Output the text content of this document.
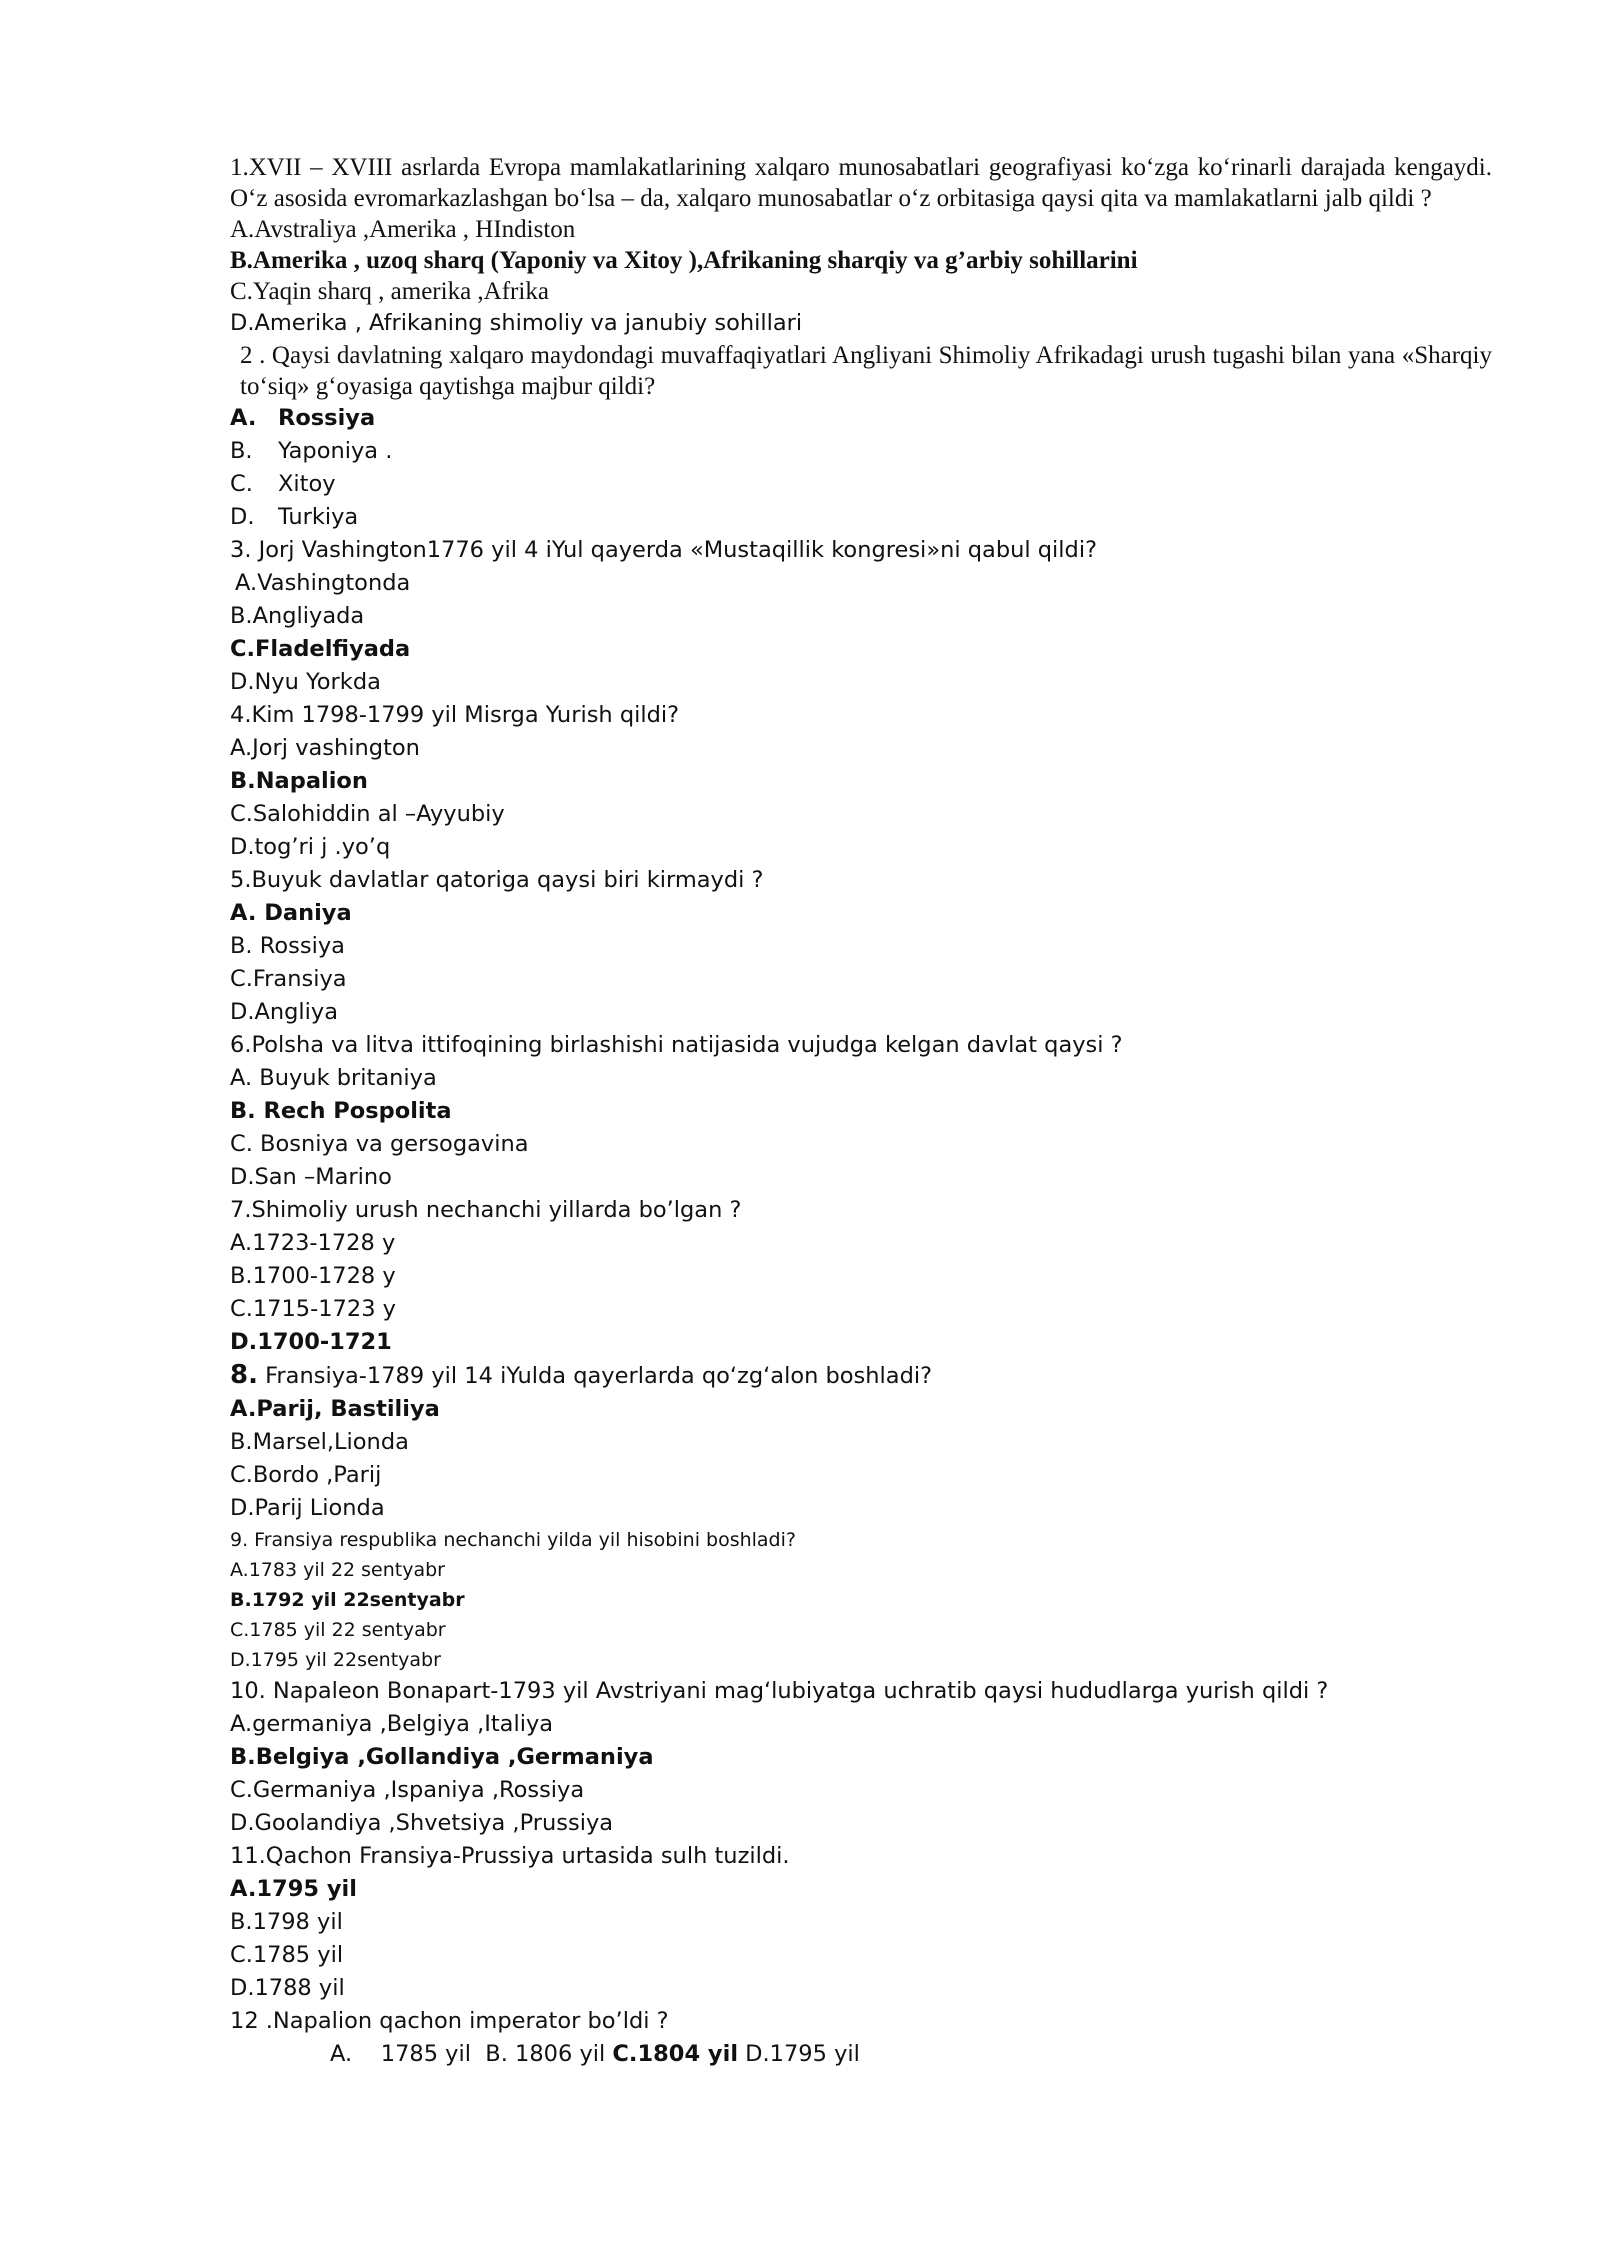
1.XVII – XVIII asrlarda Evropa mamlakatlarining xalqaro munosabatlari geografiyasi ko‘zga ko‘rinarli darajada kengaydi. O‘z asosida evromarkazlashgan bo‘lsa – da, xalqaro munosabatlar o‘z orbitasiga qaysi qita va mamlakatlarni jalb qildi ?
A.Avstraliya ,Amerika , HIndiston
B.Amerika , uzoq sharq (Yaponiy va Xitoy ),Afrikaning sharqiy va g’arbiy sohillarini
C.Yaqin sharq , amerika ,Afrika
D.Amerika , Afrikaning shimoliy va janubiy sohillari
2 . Qaysi davlatning xalqaro maydondagi muvaffaqiyatlari Angliyani Shimoliy Afrikadagi urush tugashi bilan yana «Sharqiy to‘siq» g‘oyasiga qaytishga majbur qildi?
A. Rossiya
B.	Yaponiya .
C.	Xitoy
D.	Turkiya
3. Jorj Vashington1776 yil 4 iYul qayerda «Mustaqillik kongresi»ni qabul qildi?
A.Vashingtonda
B.Angliyada
C.Fladelfiyada
D.Nyu Yorkda
4.Kim 1798-1799 yil Misrga Yurish qildi?
A.Jorj vashington
B.Napalion
C.Salohiddin al –Ayyubiy
D.tog’ri j .yo’q
5.Buyuk davlatlar qatoriga qaysi biri kirmaydi ?
A. Daniya
B. Rossiya
C.Fransiya
D.Angliya
6.Polsha va litva ittifoqining birlashishi natijasida vujudga kelgan davlat qaysi ?
A. Buyuk britaniya
B. Rech Pospolita
C. Bosniya va gersogavina
D.San –Marino
7.Shimoliy urush nechanchi yillarda bo’lgan ?
A.1723-1728 y
B.1700-1728 y
C.1715-1723 y
D.1700-1721
8. Fransiya-1789 yil 14 iYulda qayerlarda qo‘zg‘alon boshladi?
A.Parij, Bastiliya
B.Marsel,Lionda
C.Bordo ,Parij
D.Parij Lionda
9. Fransiya respublika nechanchi yilda yil hisobini boshladi?
A.1783 yil 22 sentyabr
B.1792 yil 22sentyabr
C.1785 yil 22 sentyabr
D.1795 yil 22sentyabr
10. Napaleon Bonapart-1793 yil Avstriyani mag‘lubiyatga uchratib qaysi hududlarga yurish qildi ?
A.germaniya ,Belgiya ,Italiya
B.Belgiya ,Gollandiya ,Germaniya
C.Germaniya ,Ispaniya ,Rossiya
D.Goolandiya ,Shvetsiya ,Prussiya
11.Qachon Fransiya-Prussiya urtasida sulh tuzildi.
A.1795 yil
B.1798 yil
C.1785 yil
D.1788 yil
12 .Napalion qachon imperator bo’ldi ?
A.    1785 yil  B. 1806 yil C.1804 yil D.1795 yil
